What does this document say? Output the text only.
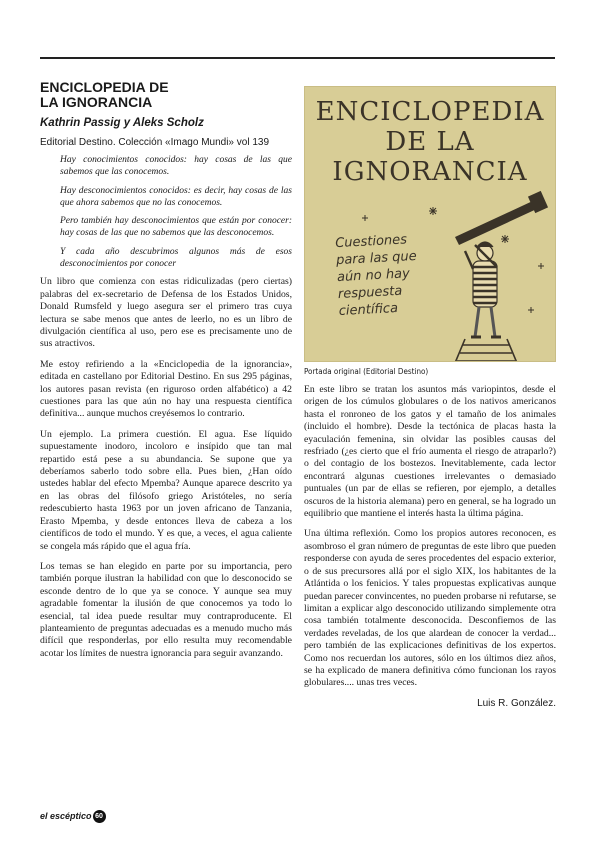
ENCICLOPEDIA DE
LA IGNORANCIA
Kathrin Passig y Aleks Scholz
Editorial Destino. Colección «Imago Mundi» vol 139

Hay conocimientos conocidos: hay cosas de las que sabemos que las conocemos.

Hay desconocimientos conocidos: es decir, hay cosas de las que ahora sabemos que no las conocemos.

Pero también hay desconocimientos que están por conocer: hay cosas de las que no sabemos que las desconocemos.

Y cada año descubrimos algunos más de esos desconocimientos por conocer

Un libro que comienza con estas ridiculizadas (pero ciertas) palabras del ex-secretario de Defensa de los Estados Unidos, Donald Rumsfeld y luego asegura ser el primero tras cuya lectura se sabe menos que antes de leerlo, no es un libro de divulgación científica al uso, pero ese es precisamente uno de sus atractivos.

Me estoy refiriendo a la «Enciclopedia de la ignorancia», editada en castellano por Editorial Destino. En sus 295 páginas, los autores pasan revista (en riguroso orden alfabético) a 42 cuestiones para las que aún no hay una respuesta científica definitiva... aunque muchos creyésemos lo contrario.

Un ejemplo. La primera cuestión. El agua. Ese líquido supuestamente inodoro, incoloro e insípido que tan mal repartido está pese a su abundancia. Se supone que ya deberíamos saberlo todo sobre ella. Pues bien, ¿Han oído ustedes hablar del efecto Mpemba? Aunque aparece descrito ya en las obras del filósofo griego Aristóteles, no sería redescubierto hasta 1963 por un joven africano de Tanzania, Erasto Mpemba, y desde entonces lleva de cabeza a los científicos de todo el mundo. Y es que, a veces, el agua caliente se congela más rápido que el agua fría.

Los temas se han elegido en parte por su importancia, pero también porque ilustran la habilidad con que lo desconocido se esconde dentro de lo que ya se conoce. Y aunque sea muy agradable fomentar la ilusión de que conocemos ya todo lo esencial, tal idea puede resultar muy contraproducente. El planteamiento de preguntas adecuadas es a menudo mucho más difícil que responderlas, por ello resulta muy recomendable acotar los límites de nuestra ignorancia para seguir avanzando.

ENCICLOPEDIA
DE LA
IGNORANCIA
Cuestiones
para las que
aún no hay
respuesta
científica
Portada original (Editorial Destino)

En este libro se tratan los asuntos más variopintos, desde el origen de los cúmulos globulares o de los nativos americanos hasta el ronroneo de los gatos y el tamaño de los animales (incluido el hombre). Desde la tectónica de placas hasta la eyaculación femenina, sin olvidar las posibles causas del resfriado (¿es cierto que el frío aumenta el riesgo de atraparlo?) o del contagio de los bostezos. Inevitablemente, cada lector encontrará algunas cuestiones irrelevantes o demasiado puntuales (un par de ellas se refieren, por ejemplo, a detalles oscuros de la historia alemana) pero en general, se ha logrado un equilibrio que mantiene el interés hasta la última página.

Una última reflexión. Como los propios autores reconocen, es asombroso el gran número de preguntas de este libro que pueden responderse con ayuda de seres procedentes del espacio exterior, o de sus precursores allá por el siglo XIX, los habitantes de la Atlántida o los fenicios. Y tales propuestas explicativas aunque puedan parecer convincentes, no pueden probarse ni refutarse, se limitan a explicar algo desconocido utilizando simplemente otra cosa también totalmente desconocida. Desconfiemos de las verdades reveladas, de los que alardean de conocer la verdad... pero también de las explicaciones definitivas de los expertos. Como nos recuerdan los autores, sólo en los últimos diez años, se ha explicado de manera definitiva cómo funcionan los rayos globulares.... unas tres veces.

Luis R. González.
el escéptico 60
